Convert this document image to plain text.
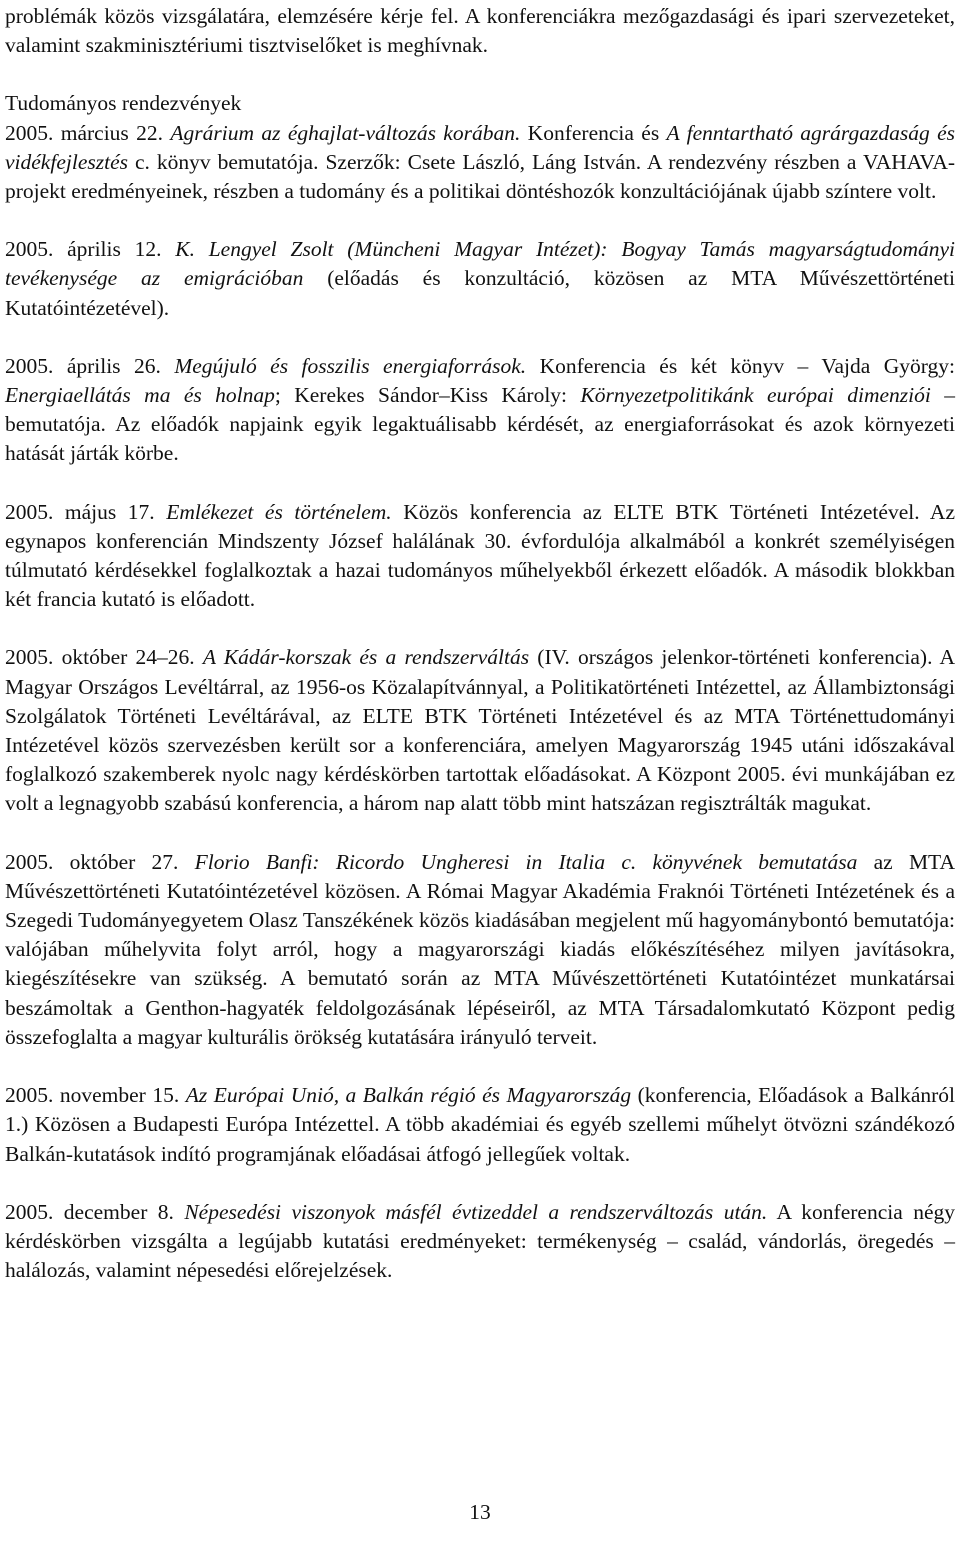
problémák közös vizsgálatára, elemzésére kérje fel. A konferenciákra mezőgazdasági és ipari szervezeteket, valamint szakminisztériumi tisztviselőket is meghívnak.

Tudományos rendezvények

2005. március 22. Agrárium az éghajlat-változás korában. Konferencia és A fenntartható agrárgazdaság és vidékfejlesztés c. könyv bemutatója. Szerzők: Csete László, Láng István. A rendezvény részben a VAHAVA-projekt eredményeinek, részben a tudomány és a politikai döntéshozók konzultációjának újabb színtere volt.

2005. április 12. K. Lengyel Zsolt (Müncheni Magyar Intézet): Bogyay Tamás magyarságtudományi tevékenysége az emigrációban (előadás és konzultáció, közösen az MTA Művészettörténeti Kutatóintézetével).

2005. április 26. Megújuló és fosszilis energiaforrások. Konferencia és két könyv – Vajda György: Energiaellátás ma és holnap; Kerekes Sándor–Kiss Károly: Környezetpolitikánk európai dimenziói – bemutatója. Az előadók napjaink egyik legaktuálisabb kérdését, az energiaforrásokat és azok környezeti hatását járták körbe.

2005. május 17. Emlékezet és történelem. Közös konferencia az ELTE BTK Történeti Intézetével. Az egynapos konferencián Mindszenty József halálának 30. évfordulója alkalmából a konkrét személyiségen túlmutató kérdésekkel foglalkoztak a hazai tudományos műhelyekből érkezett előadók. A második blokkban két francia kutató is előadott.

2005. október 24–26. A Kádár-korszak és a rendszerváltás (IV. országos jelenkor-történeti konferencia). A Magyar Országos Levéltárral, az 1956-os Közalapítvánnyal, a Politikatörténeti Intézettel, az Állambiztonsági Szolgálatok Történeti Levéltárával, az ELTE BTK Történeti Intézetével és az MTA Történettudományi Intézetével közös szervezésben került sor a konferenciára, amelyen Magyarország 1945 utáni időszakával foglalkozó szakemberek nyolc nagy kérdéskörben tartottak előadásokat. A Központ 2005. évi munkájában ez volt a legnagyobb szabású konferencia, a három nap alatt több mint hatszázan regisztrálták magukat.

2005. október 27. Florio Banfi: Ricordo Ungheresi in Italia c. könyvének bemutatása az MTA Művészettörténeti Kutatóintézetével közösen. A Római Magyar Akadémia Fraknói Történeti Intézetének és a Szegedi Tudományegyetem Olasz Tanszékének közös kiadásában megjelent mű hagyománybontó bemutatója: valójában műhelyvita folyt arról, hogy a magyarországi kiadás előkészítéséhez milyen javításokra, kiegészítésekre van szükség. A bemutató során az MTA Művészettörténeti Kutatóintézet munkatársai beszámoltak a Genthon-hagyaték feldolgozásának lépéseiről, az MTA Társadalomkutató Központ pedig összefoglalta a magyar kulturális örökség kutatására irányuló terveit.

2005. november 15. Az Európai Unió, a Balkán régió és Magyarország (konferencia, Előadások a Balkánról 1.) Közösen a Budapesti Európa Intézettel. A több akadémiai és egyéb szellemi műhelyt ötvözni szándékozó Balkán-kutatások indító programjának előadásai átfogó jellegűek voltak.

2005. december 8. Népesedési viszonyok másfél évtizeddel a rendszerváltozás után. A konferencia négy kérdéskörben vizsgálta a legújabb kutatási eredményeket: termékenység – család, vándorlás, öregedés – halálozás, valamint népesedési előrejelzések.

13
